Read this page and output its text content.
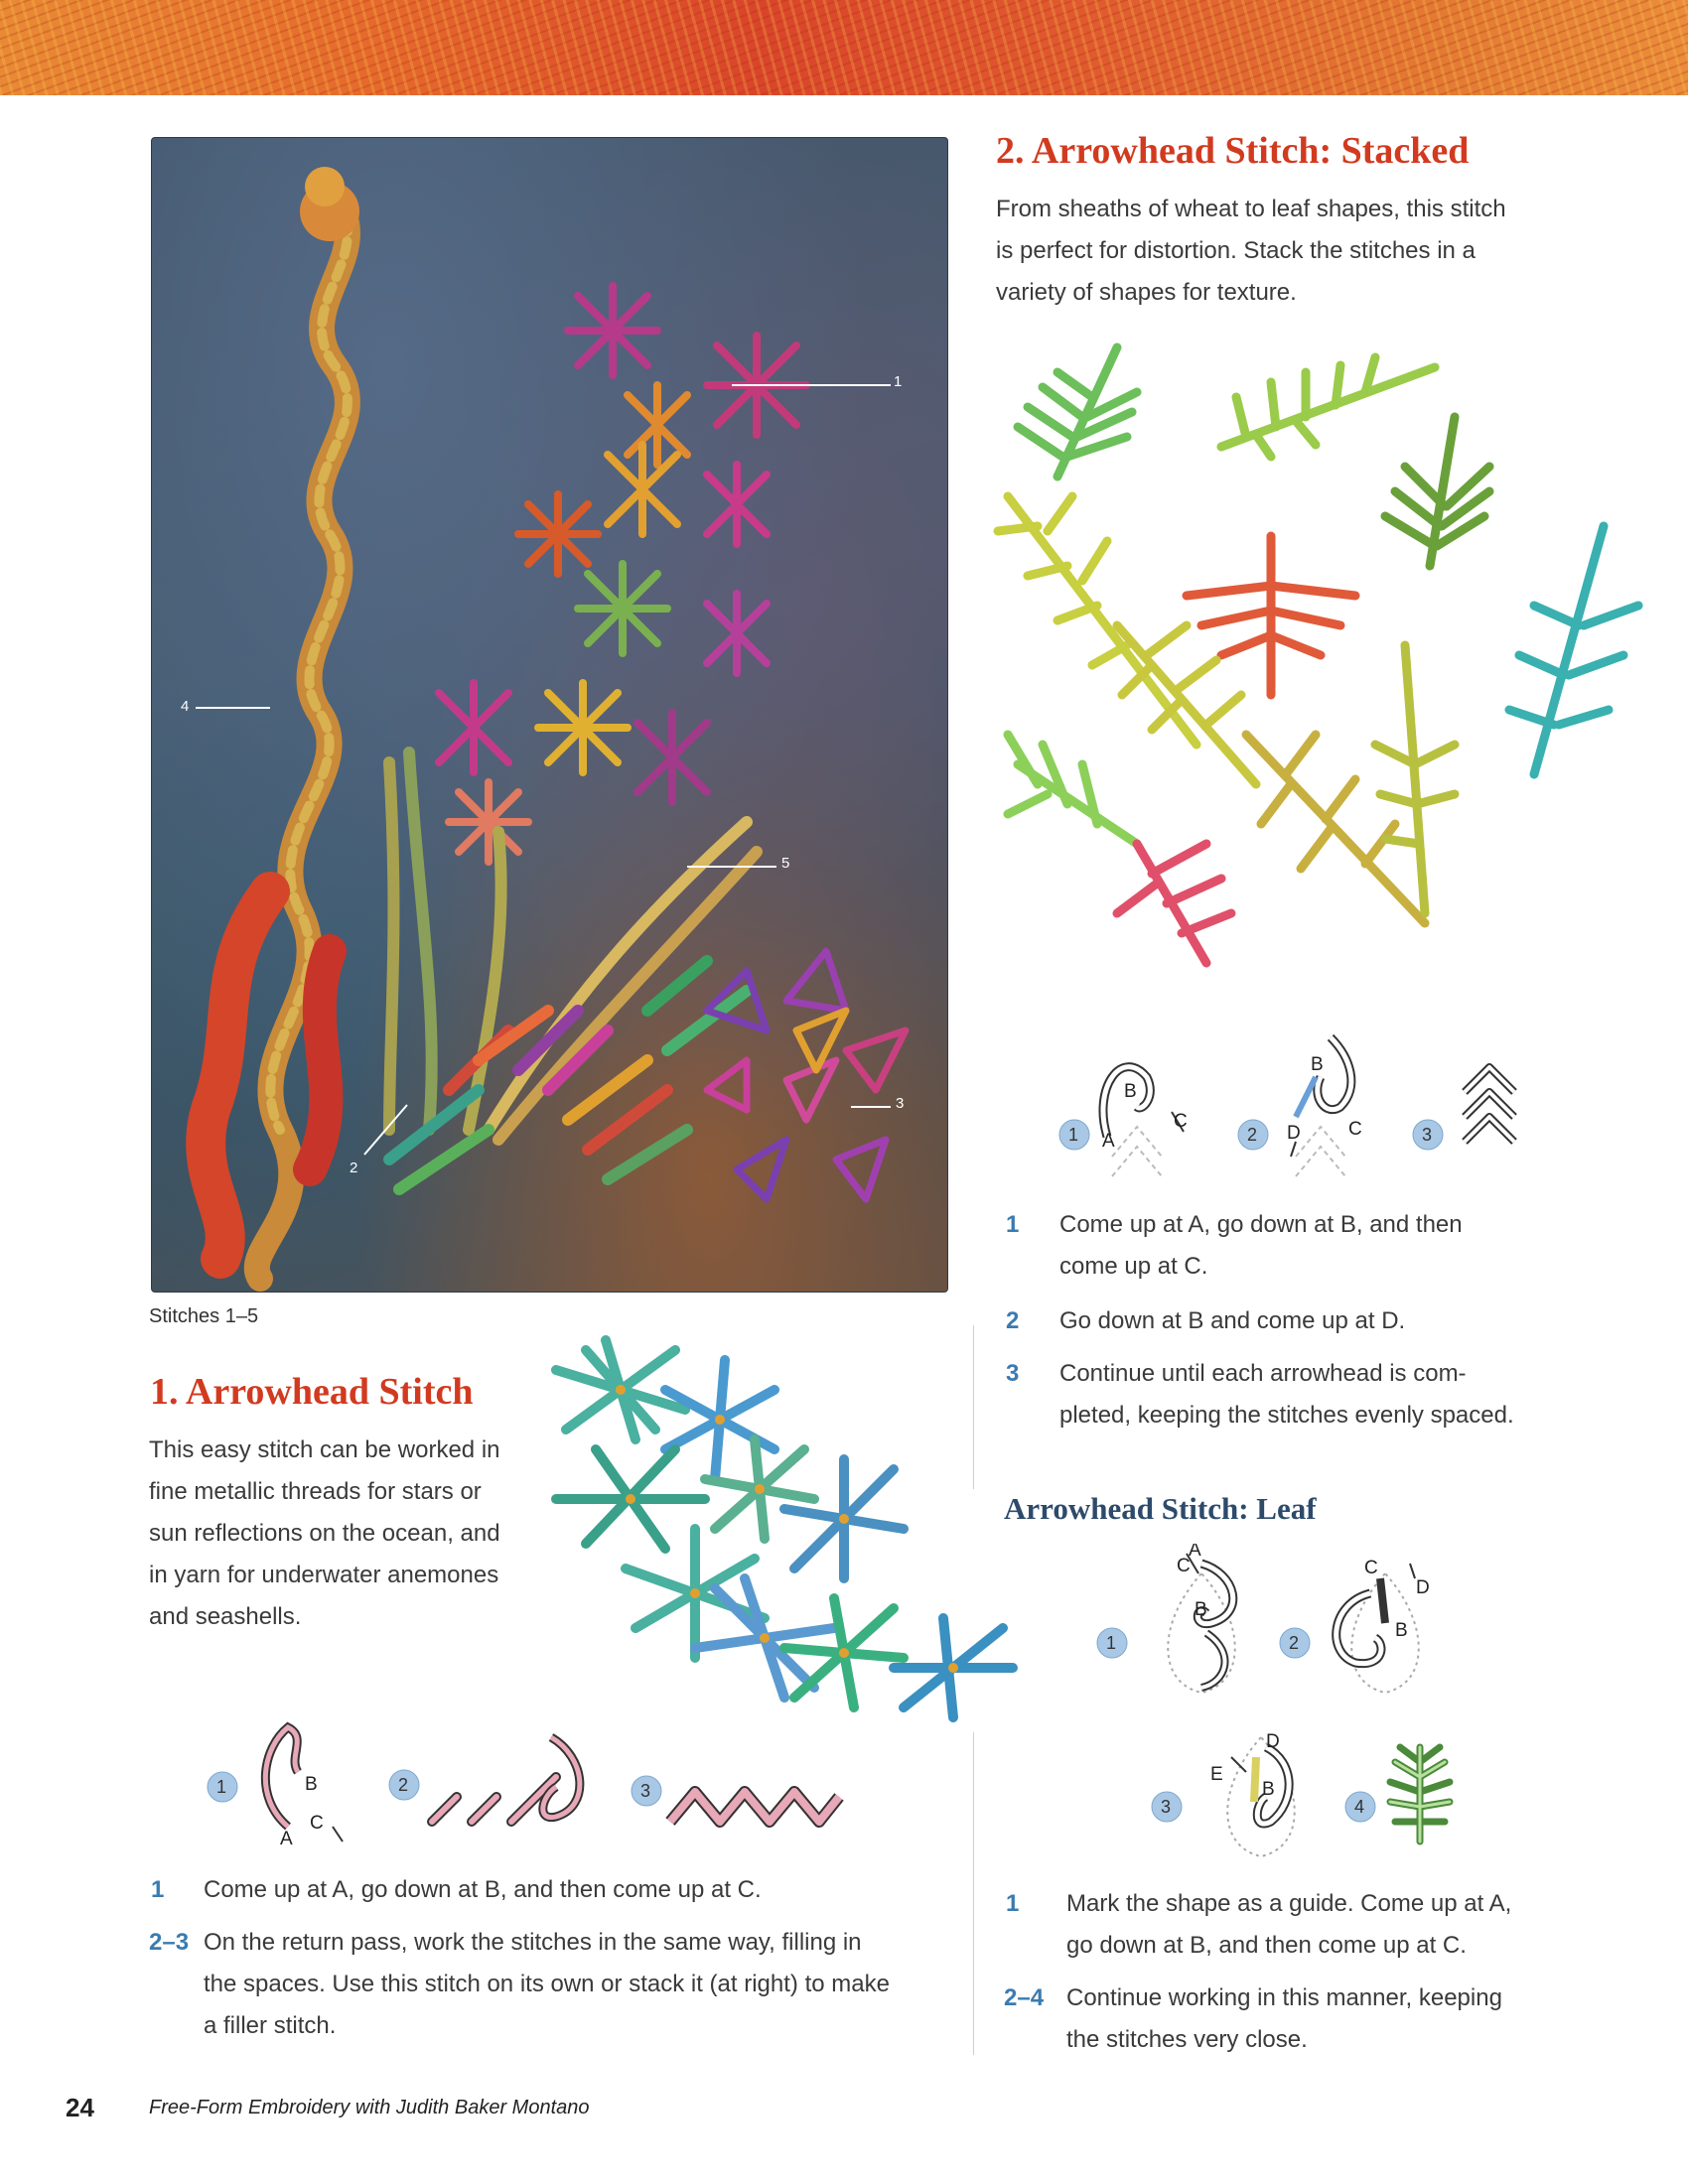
1
2
3
4
5
Stitches 1–5
2. Arrowhead Stitch: Stacked
From sheaths of wheat to leaf shapes, this stitch
is perfect for distortion. Stack the stitches in a
variety of shapes for texture.
1	2	3
A
B
C
B
C
D
1 Come up at A, go down at B, and then
come up at C.
2 Go down at B and come up at D.
3 Continue until each arrowhead is com-
pleted, keeping the stitches evenly spaced.
1. Arrowhead Stitch
This easy stitch can be worked in
fine metallic threads for stars or
sun reflections on the ocean, and
in yarn for underwater anemones
and seashells.
1	2	3
A
B
C
1 Come up at A, go down at B, and then come up at C.
2–3 On the return pass, work the stitches in the same way, filling in
the spaces. Use this stitch on its own or stack it (at right) to make
a filler stitch.
Arrowhead Stitch: Leaf
1	2
3	4
C
A
B
C
D
B
D
E
B
1 Mark the shape as a guide. Come up at A,
go down at B, and then come up at C.
2–4 Continue working in this manner, keeping
the stitches very close.
24	Free-Form Embroidery with Judith Baker Montano
